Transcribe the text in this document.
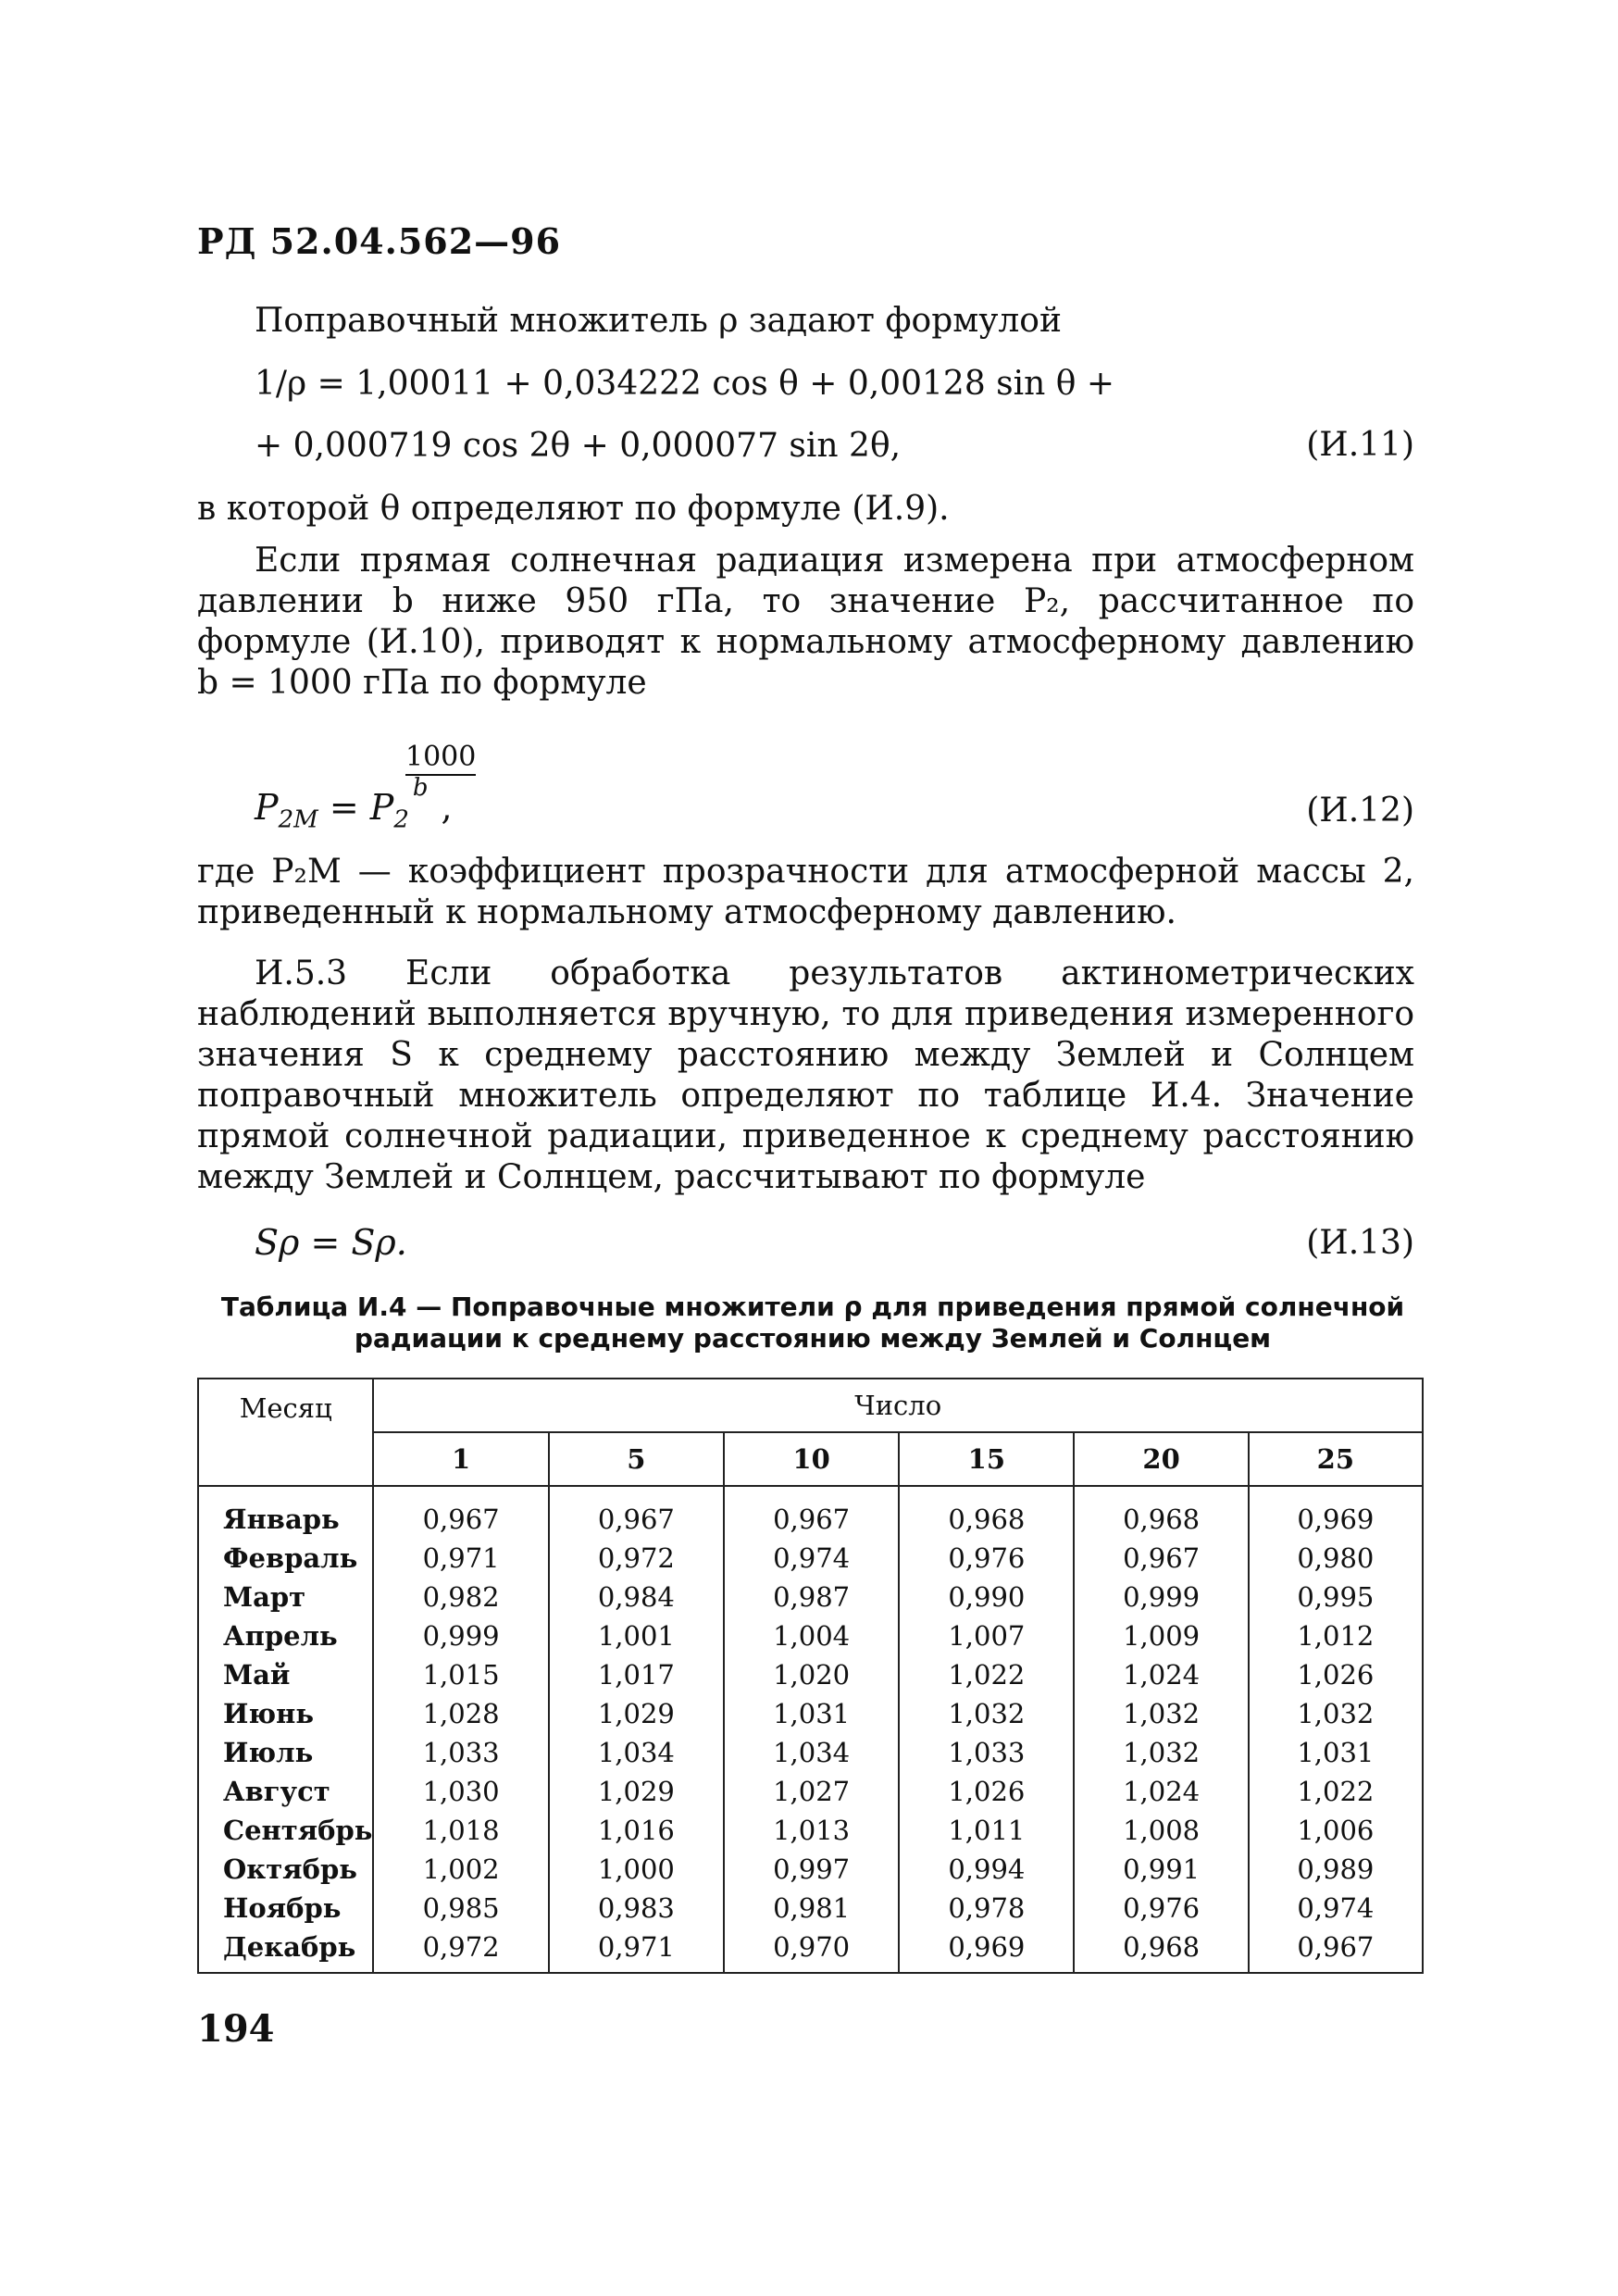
РД 52.04.562—96
Поправочный множитель ρ задают формулой
1/ρ = 1,00011 + 0,034222 cos θ + 0,00128 sin θ +
+ 0,000719 cos 2θ + 0,000077 sin 2θ,	(И.11)
в которой θ определяют по формуле (И.9).
Если прямая солнечная радиация измерена при атмосферном давлении b ниже 950 гПа, то значение P₂, рассчитанное по формуле (И.10), приводят к нормальному атмосферному давлению b = 1000 гПа по формуле
$P_{2M} = P_2^b$ ,
1000
(И.12)
где P₂M — коэффициент прозрачности для атмосферной массы 2, приведенный к нормальному атмосферному давлению.
И.5.3 Если обработка результатов актинометрических наблюдений выполняется вручную, то для приведения измеренного значения S к среднему расстоянию между Землей и Солнцем поправочный множитель определяют по таблице И.4. Значение прямой солнечной радиации, приведенное к среднему расстоянию между Землей и Солнцем, рассчитывают по формуле
Sρ = Sρ.	(И.13)
Таблица И.4 — Поправочные множители ρ для приведения прямой солнечной радиации к среднему расстоянию между Землей и Солнцем
Месяц	Число					
	1	5	10	15	20	25
Январь	0,967	0,967	0,967	0,968	0,968	0,969
Февраль	0,971	0,972	0,974	0,976	0,967	0,980
Март	0,982	0,984	0,987	0,990	0,999	0,995
Апрель	0,999	1,001	1,004	1,007	1,009	1,012
Май	1,015	1,017	1,020	1,022	1,024	1,026
Июнь	1,028	1,029	1,031	1,032	1,032	1,032
Июль	1,033	1,034	1,034	1,033	1,032	1,031
Август	1,030	1,029	1,027	1,026	1,024	1,022
Сентябрь	1,018	1,016	1,013	1,011	1,008	1,006
Октябрь	1,002	1,000	0,997	0,994	0,991	0,989
Ноябрь	0,985	0,983	0,981	0,978	0,976	0,974
Декабрь	0,972	0,971	0,970	0,969	0,968	0,967
194
